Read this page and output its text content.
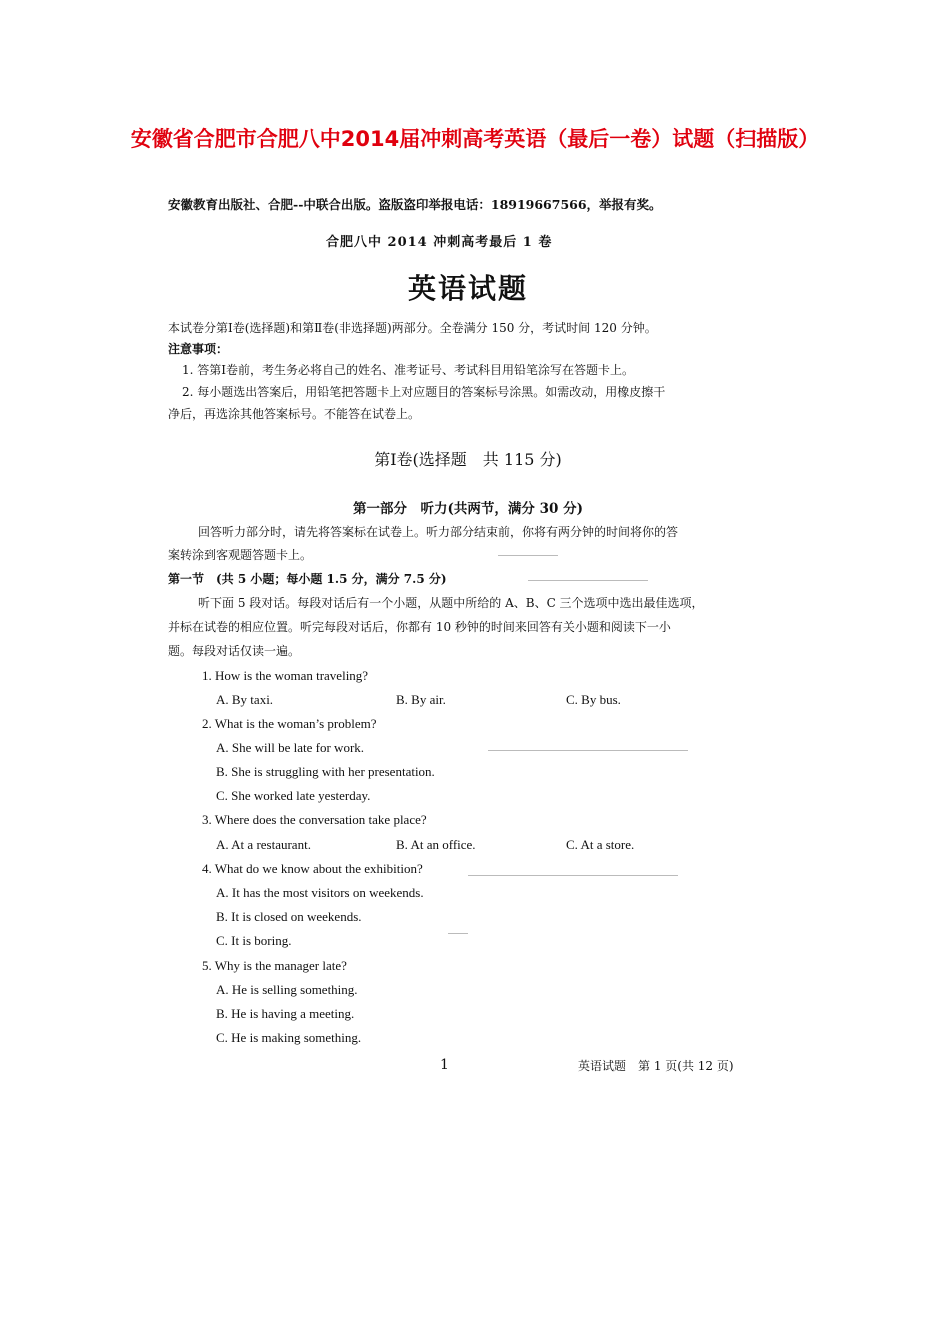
安徽省合肥市合肥八中2014届冲刺高考英语（最后一卷）试题（扫描版）
安徽教育出版社、合肥--中联合出版。盗版盗印举报电话：18919667566，举报有奖。
合肥八中 2014 冲刺高考最后 1 卷
英语试题
本试卷分第Ⅰ卷(选择题)和第Ⅱ卷(非选择题)两部分。全卷满分 150 分，考试时间 120 分钟。
注意事项：
1. 答第Ⅰ卷前，考生务必将自己的姓名、准考证号、考试科目用铅笔涂写在答题卡上。
2. 每小题选出答案后，用铅笔把答题卡上对应题目的答案标号涂黑。如需改动，用橡皮擦干
净后，再选涂其他答案标号。不能答在试卷上。
第Ⅰ卷(选择题　共 115 分)
第一部分　听力(共两节，满分 30 分)
回答听力部分时，请先将答案标在试卷上。听力部分结束前，你将有两分钟的时间将你的答
案转涂到客观题答题卡上。
第一节　(共 5 小题；每小题 1.5 分，满分 7.5 分)
听下面 5 段对话。每段对话后有一个小题，从题中所给的 A、B、C 三个选项中选出最佳选项，
并标在试卷的相应位置。听完每段对话后，你都有 10 秒钟的时间来回答有关小题和阅读下一小
题。每段对话仅读一遍。
1. How is the woman traveling?
A. By taxi.	B. By air.	C. By bus.
2. What is the woman’s problem?
A. She will be late for work.
B. She is struggling with her presentation.
C. She worked late yesterday.
3. Where does the conversation take place?
A. At a restaurant.	B. At an office.	C. At a store.
4. What do we know about the exhibition?
A. It has the most visitors on weekends.
B. It is closed on weekends.
C. It is boring.
5. Why is the manager late?
A. He is selling something.
B. He is having a meeting.
C. He is making something.
1	英语试题　第 1 页(共 12 页)
